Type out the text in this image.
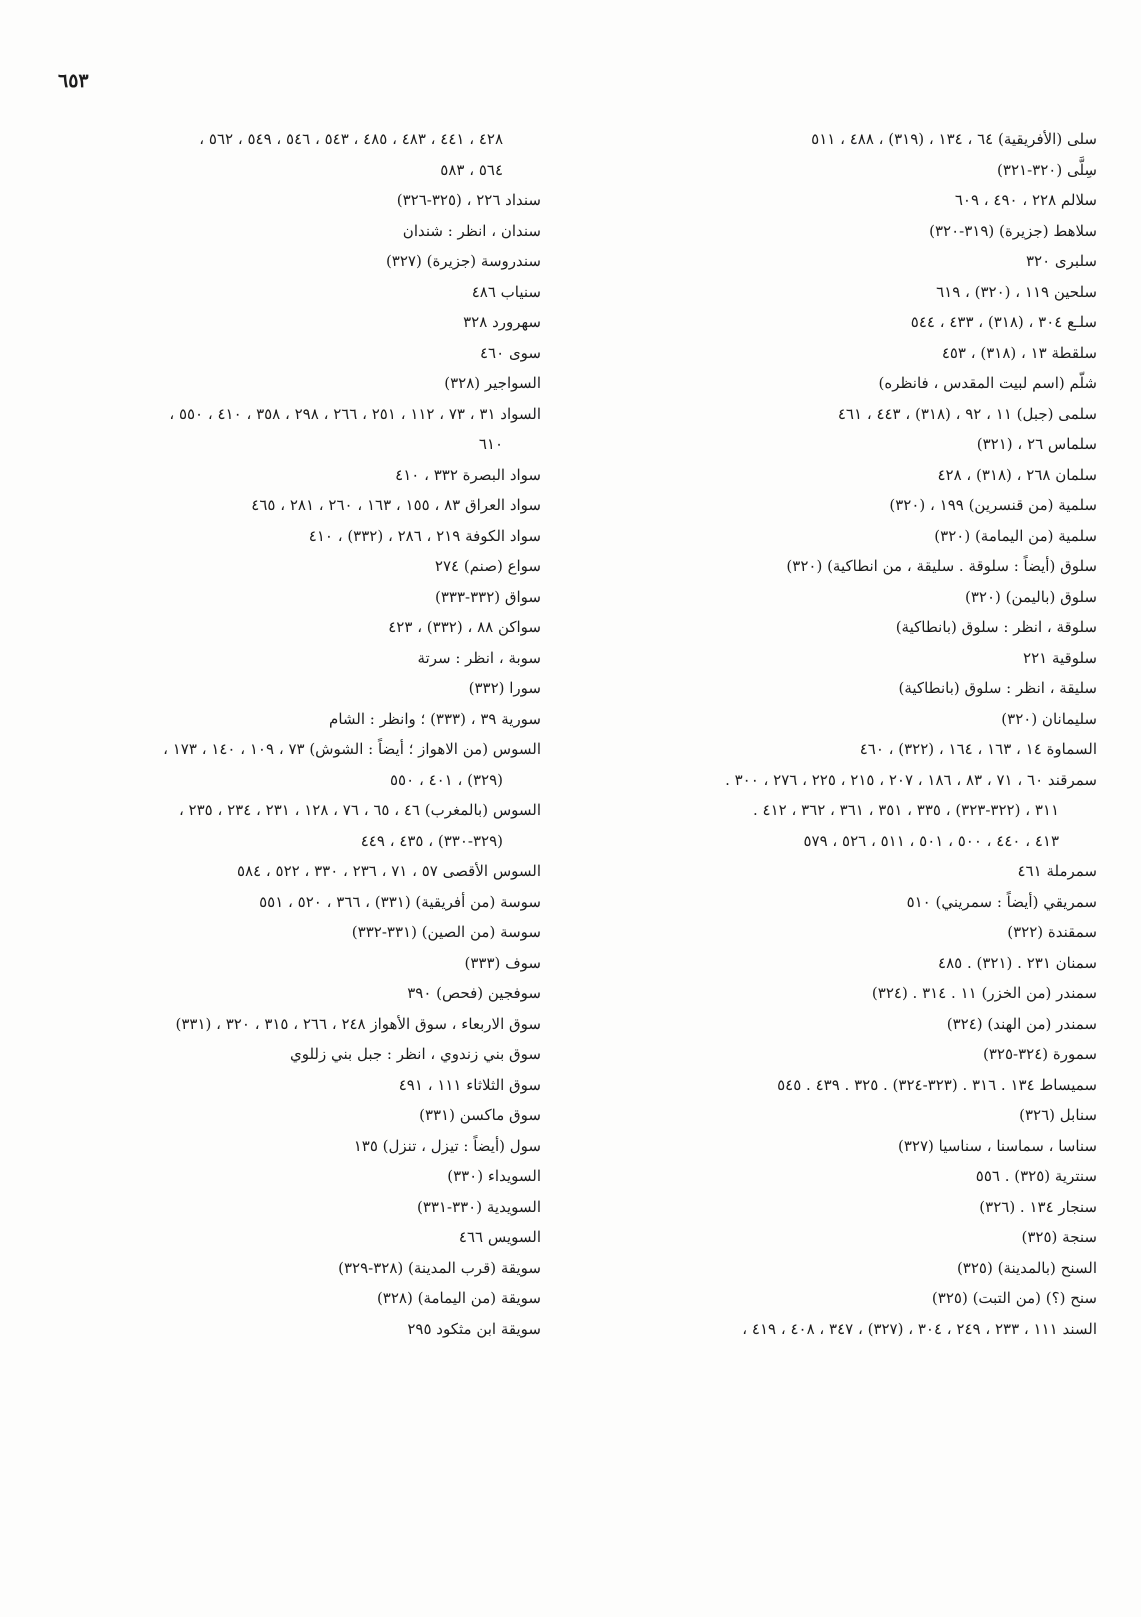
٦٥٣
سلى (الأفريقية) ٦٤ ، ١٣٤ ، (٣١٩) ، ٤٨٨ ، ٥١١
سِلَّى (٣٢٠-٣٢١)
سلالم ٢٢٨ ، ٤٩٠ ، ٦٠٩
سلاهط (جزيرة) (٣١٩-٣٢٠)
سلبرى ٣٢٠
سلحين ١١٩ ، (٣٢٠) ، ٦١٩
سلـع ٣٠٤ ، (٣١٨) ، ٤٣٣ ، ٥٤٤
سلقطة ١٣ ، (٣١٨) ، ٤٥٣
شلّم (اسم لبيت المقدس ، فانظره)
سلمى (جبل) ١١ ، ٩٢ ، (٣١٨) ، ٤٤٣ ، ٤٦١
سلماس ٢٦ ، (٣٢١)
سلمان ٢٦٨ ، (٣١٨) ، ٤٢٨
سلمية (من قنسرين) ١٩٩ ، (٣٢٠)
سلمية (من اليمامة) (٣٢٠)
سلوق (أيضاً : سلوقة . سليقة ، من انطاكية) (٣٢٠)
سلوق (باليمن) (٣٢٠)
سلوقة ، انظر : سلوق (بانطاكية)
سلوقية ٢٢١
سليقة ، انظر : سلوق (بانطاكية)
سليمانان (٣٢٠)
السماوة ١٤ ، ١٦٣ ، ١٦٤ ، (٣٢٢) ، ٤٦٠
سمرقند ٦٠ ، ٧١ ، ٨٣ ، ١٨٦ ، ٢٠٧ ، ٢١٥ ، ٢٢٥ ، ٢٧٦ ، ٣٠٠ .
٣١١ ، (٣٢٢-٣٢٣) ، ٣٣٥ ، ٣٥١ ، ٣٦١ ، ٣٦٢ ، ٤١٢ .
٤١٣ ، ٤٤٠ ، ٥٠٠ ، ٥٠١ ، ٥١١ ، ٥٢٦ ، ٥٧٩
سمرملة ٤٦١
سمريقي (أيضاً : سمريني) ٥١٠
سمقندة (٣٢٢)
سمنان ٢٣١ . (٣٢١) . ٤٨٥
سمندر (من الخزر) ١١ . ٣١٤ . (٣٢٤)
سمندر (من الهند) (٣٢٤)
سمورة (٣٢٤-٣٢٥)
سميساط ١٣٤ . ٣١٦ . (٣٢٣-٣٢٤) . ٣٢٥ . ٤٣٩ . ٥٤٥
سنابل (٣٢٦)
سناسا ، سماسنا ، سناسيا (٣٢٧)
سنترية (٣٢٥) . ٥٥٦
سنجار ١٣٤ . (٣٢٦)
سنجة (٣٢٥)
السنح (بالمدينة) (٣٢٥)
سنح (؟) (من التبت) (٣٢٥)
السند ١١١ ، ٢٣٣ ، ٢٤٩ ، ٣٠٤ ، (٣٢٧) ، ٣٤٧ ، ٤٠٨ ، ٤١٩ ،
٤٢٨ ، ٤٤١ ، ٤٨٣ ، ٤٨٥ ، ٥٤٣ ، ٥٤٦ ، ٥٤٩ ، ٥٦٢ ،
٥٦٤ ، ٥٨٣
سنداد ٢٢٦ ، (٣٢٥-٣٢٦)
سندان ، انظر : شندان
سندروسة (جزيرة) (٣٢٧)
سنياب ٤٨٦
سهرورد ٣٢٨
سوى ٤٦٠
السواجير (٣٢٨)
السواد ٣١ ، ٧٣ ، ١١٢ ، ٢٥١ ، ٢٦٦ ، ٢٩٨ ، ٣٥٨ ، ٤١٠ ، ٥٥٠ ،
٦١٠
سواد البصرة ٣٣٢ ، ٤١٠
سواد العراق ٨٣ ، ١٥٥ ، ١٦٣ ، ٢٦٠ ، ٢٨١ ، ٤٦٥
سواد الكوفة ٢١٩ ، ٢٨٦ ، (٣٣٢) ، ٤١٠
سواع (صنم) ٢٧٤
سواق (٣٣٢-٣٣٣)
سواكن ٨٨ ، (٣٣٢) ، ٤٢٣
سوبة ، انظر : سرتة
سورا (٣٣٢)
سورية ٣٩ ، (٣٣٣) ؛ وانظر : الشام
السوس (من الاهواز ؛ أيضاً : الشوش) ٧٣ ، ١٠٩ ، ١٤٠ ، ١٧٣ ،
(٣٢٩) ، ٤٠١ ، ٥٥٠
السوس (بالمغرب) ٤٦ ، ٦٥ ، ٧٦ ، ١٢٨ ، ٢٣١ ، ٢٣٤ ، ٢٣٥ ،
(٣٢٩-٣٣٠) ، ٤٣٥ ، ٤٤٩
السوس الأقصى ٥٧ ، ٧١ ، ٢٣٦ ، ٣٣٠ ، ٥٢٢ ، ٥٨٤
سوسة (من أفريقية) (٣٣١) ، ٣٦٦ ، ٥٢٠ ، ٥٥١
سوسة (من الصين) (٣٣١-٣٣٢)
سوف (٣٣٣)
سوفجين (فحص) ٣٩٠
سوق الاربعاء ، سوق الأهواز ٢٤٨ ، ٢٦٦ ، ٣١٥ ، ٣٢٠ ، (٣٣١)
سوق بني زندوي ، انظر : جبل بني زللوي
سوق الثلاثاء ١١١ ، ٤٩١
سوق ماكسن (٣٣١)
سول (أيضاً : تيزل ، تنزل) ١٣٥
السويداء (٣٣٠)
السويدية (٣٣٠-٣٣١)
السويس ٤٦٦
سويقة (قرب المدينة) (٣٢٨-٣٢٩)
سويقة (من اليمامة) (٣٢٨)
سويقة ابن مثكود ٢٩٥
